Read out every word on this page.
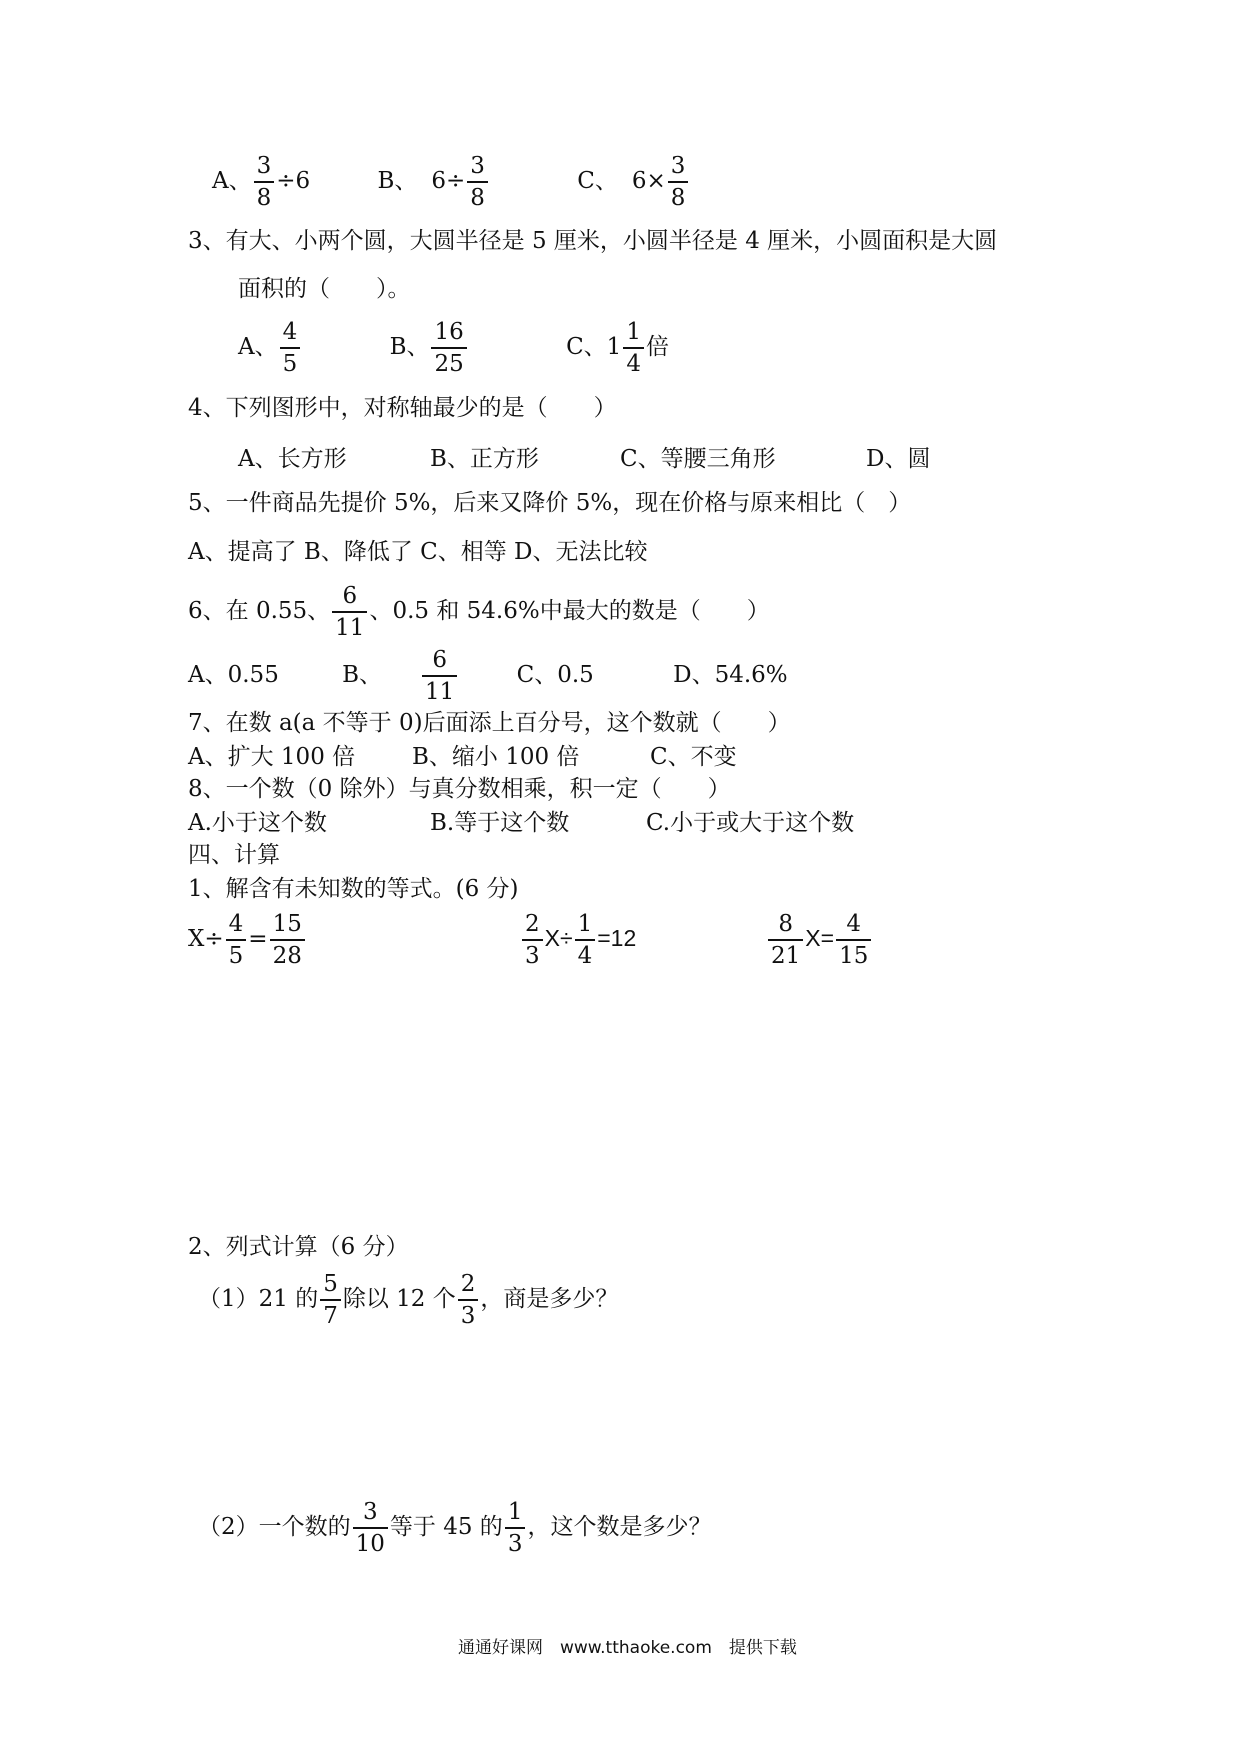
A、 $\frac{3}{8} \div 6$	B、 $6\div \frac{3}{8}$	C、 $6\times \frac{3}{8}$
3、有大、小两个圆，大圆半径是 5 厘米，小圆半径是 4 厘米，小圆面积是大圆
面积的（　　）。
A、 $\frac{4}{5}$	B、 $\frac{16}{25}$	C、$1 \frac{1}{4}$ 倍
4、下列图形中，对称轴最少的是（　　）
A、长方形	B、正方形	C、等腰三角形	D、圆
5、一件商品先提价 5%，后来又降价 5%，现在价格与原来相比（　）
A、提高了 B、降低了 C、相等 D、无法比较
6、在 0.55、 $\frac{6}{11}$ 、0.5 和 54.6%中最大的数是（　　）
A、0.55	B、 $\frac{6}{11}$	C、0.5	D、54.6%
7、在数 a(a 不等于 0)后面添上百分号，这个数就（　　）
A、扩大 100 倍 B、缩小 100 倍	C、不变
8、一个数（0 除外）与真分数相乘，积一定（　　）
A.小于这个数	B.等于这个数	C.小于或大于这个数
四、计算
1、解含有未知数的等式。(6 分)
$X\div \frac{4}{5} = \frac{15}{28}$	$\frac{2}{3} X\div \frac{1}{4} =12$	$\frac{8}{21} X= \frac{4}{15}$
2、列式计算（6 分）
（1）21 的 $\frac{5}{7}$ 除以 12 个 $\frac{2}{3}$ ，商是多少？
（2）一个数的 $\frac{3}{10}$ 等于 45 的 $\frac{1}{3}$ ，这个数是多少？
通通好课网　www.tthaoke.com　提供下载
